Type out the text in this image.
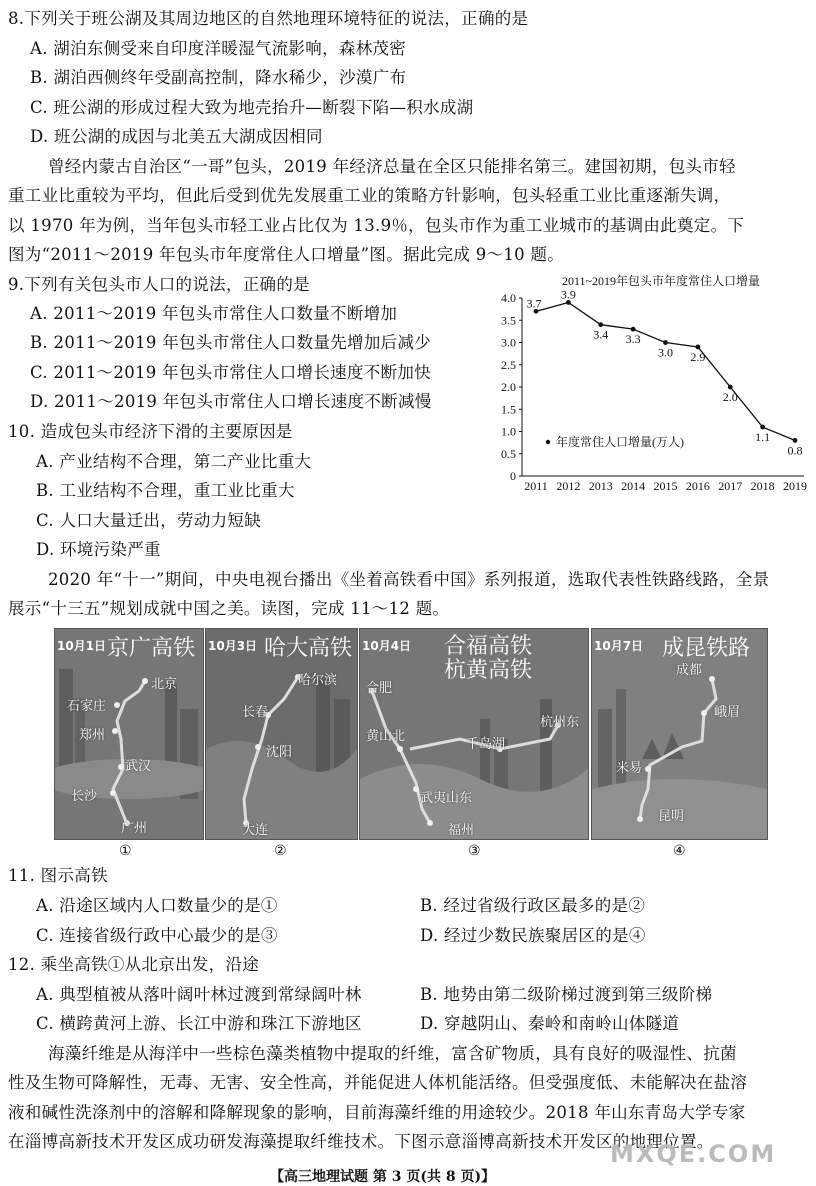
8.下列关于班公湖及其周边地区的自然地理环境特征的说法，正确的是
A. 湖泊东侧受来自印度洋暖湿气流影响，森林茂密
B. 湖泊西侧终年受副高控制，降水稀少，沙漠广布
C. 班公湖的形成过程大致为地壳抬升—断裂下陷—积水成湖
D. 班公湖的成因与北美五大湖成因相同
曾经内蒙古自治区“一哥”包头，2019 年经济总量在全区只能排名第三。建国初期，包头市轻
重工业比重较为平均，但此后受到优先发展重工业的策略方针影响，包头轻重工业比重逐渐失调，
以 1970 年为例，当年包头市轻工业占比仅为 13.9％，包头市作为重工业城市的基调由此奠定。下
图为“2011～2019 年包头市年度常住人口增量”图。据此完成 9～10 题。
9.下列有关包头市人口的说法，正确的是
A. 2011～2019 年包头市常住人口数量不断增加
B. 2011～2019 年包头市常住人口数量先增加后减少
C. 2011～2019 年包头市常住人口增长速度不断加快
D. 2011～2019 年包头市常住人口增长速度不断减慢
10. 造成包头市经济下滑的主要原因是
A. 产业结构不合理，第二产业比重大
B. 工业结构不合理，重工业比重大
C. 人口大量迁出，劳动力短缺
D. 环境污染严重
2020 年“十一”期间，中央电视台播出《坐着高铁看中国》系列报道，选取代表性铁路线路，全景
展示“十三五”规划成就中国之美。读图，完成 11～12 题。
2011~2019年包头市年度常住人口增量
0
0.5
1.0
1.5
2.0
2.5
3.0
3.5
4.0
2011 2012 2013 2014 2015 2016 2017 2018 2019
3.7
3.9
3.4 3.3
3.0 2.9
2.0
1.1
0.8
年度常住人口增量(万人)
10月1日 京广高铁
北京
石家庄
郑州
武汉
长沙
广州
10月3日 哈大高铁
哈尔滨
长春
沈阳
大连
10月4日 合福高铁
杭黄高铁
合肥
黄山北
千岛湖
杭州东
武夷山东
福州
10月7日 成昆铁路
成都
峨眉
米易
昆明
①	②	③	④
11. 图示高铁
A. 沿途区域内人口数量少的是①	B. 经过省级行政区最多的是②
C. 连接省级行政中心最少的是③	D. 经过少数民族聚居区的是④
12. 乘坐高铁①从北京出发，沿途
A. 典型植被从落叶阔叶林过渡到常绿阔叶林	B. 地势由第二级阶梯过渡到第三级阶梯
C. 横跨黄河上游、长江中游和珠江下游地区	D. 穿越阴山、秦岭和南岭山体隧道
海藻纤维是从海洋中一些棕色藻类植物中提取的纤维，富含矿物质，具有良好的吸湿性、抗菌
性及生物可降解性，无毒、无害、安全性高，并能促进人体机能活络。但受强度低、未能解决在盐溶
液和碱性洗涤剂中的溶解和降解现象的影响，目前海藻纤维的用途较少。2018 年山东青岛大学专家
在淄博高新技术开发区成功研发海藻提取纤维技术。下图示意淄博高新技术开发区的地理位置。
【高三地理试题 第 3 页(共 8 页)】
MXQE.COM
